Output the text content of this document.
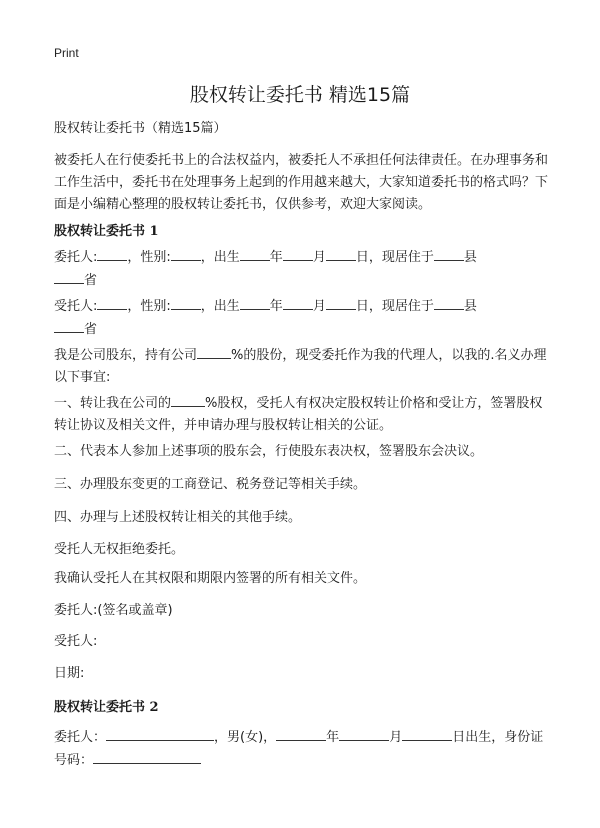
Print
股权转让委托书 精选15篇

股权转让委托书（精选15篇）

被委托人在行使委托书上的合法权益内，被委托人不承担任何法律责任。在办理事务和工作生活中，委托书在处理事务上起到的作用越来越大，大家知道委托书的格式吗？下面是小编精心整理的股权转让委托书，仅供参考，欢迎大家阅读。

股权转让委托书 1

委托人: ，性别: ，出生 年 月 日，现居住于 县
省

受托人: ，性别: ，出生 年 月 日，现居住于 县
省

我是公司股东，持有公司	%的股份，现受委托作为我的代理人，以我的.名义办理以下事宜:

一、转让我在公司的	%股权，受托人有权决定股权转让价格和受让方，签署股权转让协议及相关文件，并申请办理与股权转让相关的公证。

二、代表本人参加上述事项的股东会，行使股东表决权，签署股东会决议。

三、办理股东变更的工商登记、税务登记等相关手续。

四、办理与上述股权转让相关的其他手续。

受托人无权拒绝委托。

我确认受托人在其权限和期限内签署的所有相关文件。

委托人:(签名或盖章)

受托人:

日期:

股权转让委托书 2

委托人：	，男(女)，	年	月	日出生，身份证号码：
